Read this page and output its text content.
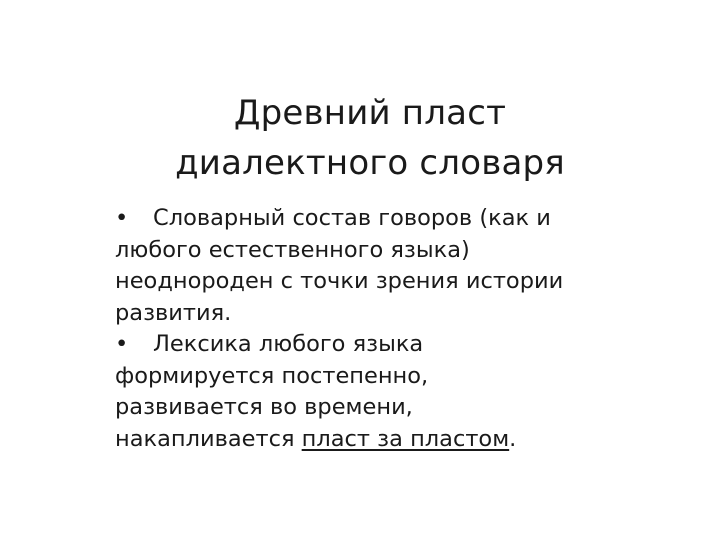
Древний пласт
диалектного словаря
• Словарный состав говоров (как и
любого естественного языка)
неоднороден с точки зрения истории
развития.
• Лексика любого языка
формируется постепенно,
развивается во времени,
накапливается пласт за пластом.
